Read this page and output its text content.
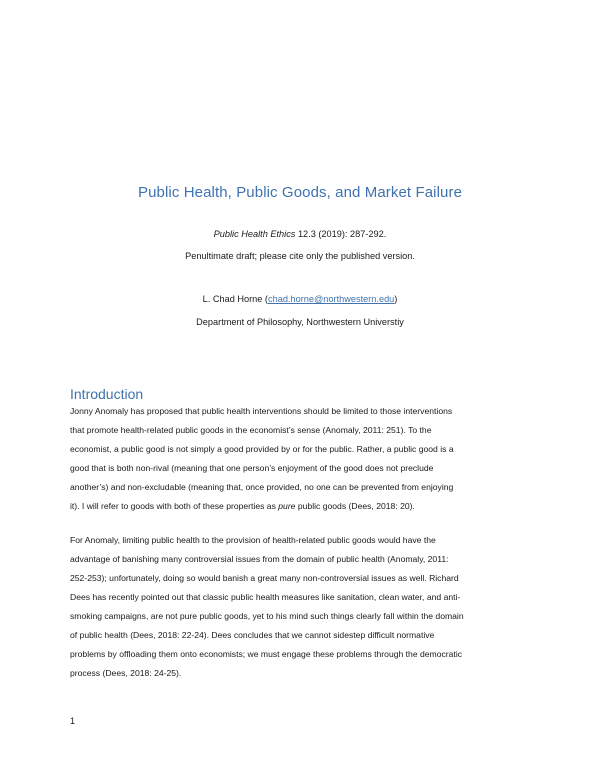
Public Health, Public Goods, and Market Failure
Public Health Ethics 12.3 (2019): 287-292.
Penultimate draft; please cite only the published version.
L. Chad Horne (chad.horne@northwestern.edu)
Department of Philosophy, Northwestern Universtiy
Introduction
Jonny Anomaly has proposed that public health interventions should be limited to those interventions
that promote health-related public goods in the economist’s sense (Anomaly, 2011: 251). To the
economist, a public good is not simply a good provided by or for the public. Rather, a public good is a
good that is both non-rival (meaning that one person’s enjoyment of the good does not preclude
another’s) and non-excludable (meaning that, once provided, no one can be prevented from enjoying
it). I will refer to goods with both of these properties as pure public goods (Dees, 2018: 20).
For Anomaly, limiting public health to the provision of health-related public goods would have the
advantage of banishing many controversial issues from the domain of public health (Anomaly, 2011:
252-253); unfortunately, doing so would banish a great many non-controversial issues as well. Richard
Dees has recently pointed out that classic public health measures like sanitation, clean water, and anti-
smoking campaigns, are not pure public goods, yet to his mind such things clearly fall within the domain
of public health (Dees, 2018: 22-24). Dees concludes that we cannot sidestep difficult normative
problems by offloading them onto economists; we must engage these problems through the democratic
process (Dees, 2018: 24-25).
1
